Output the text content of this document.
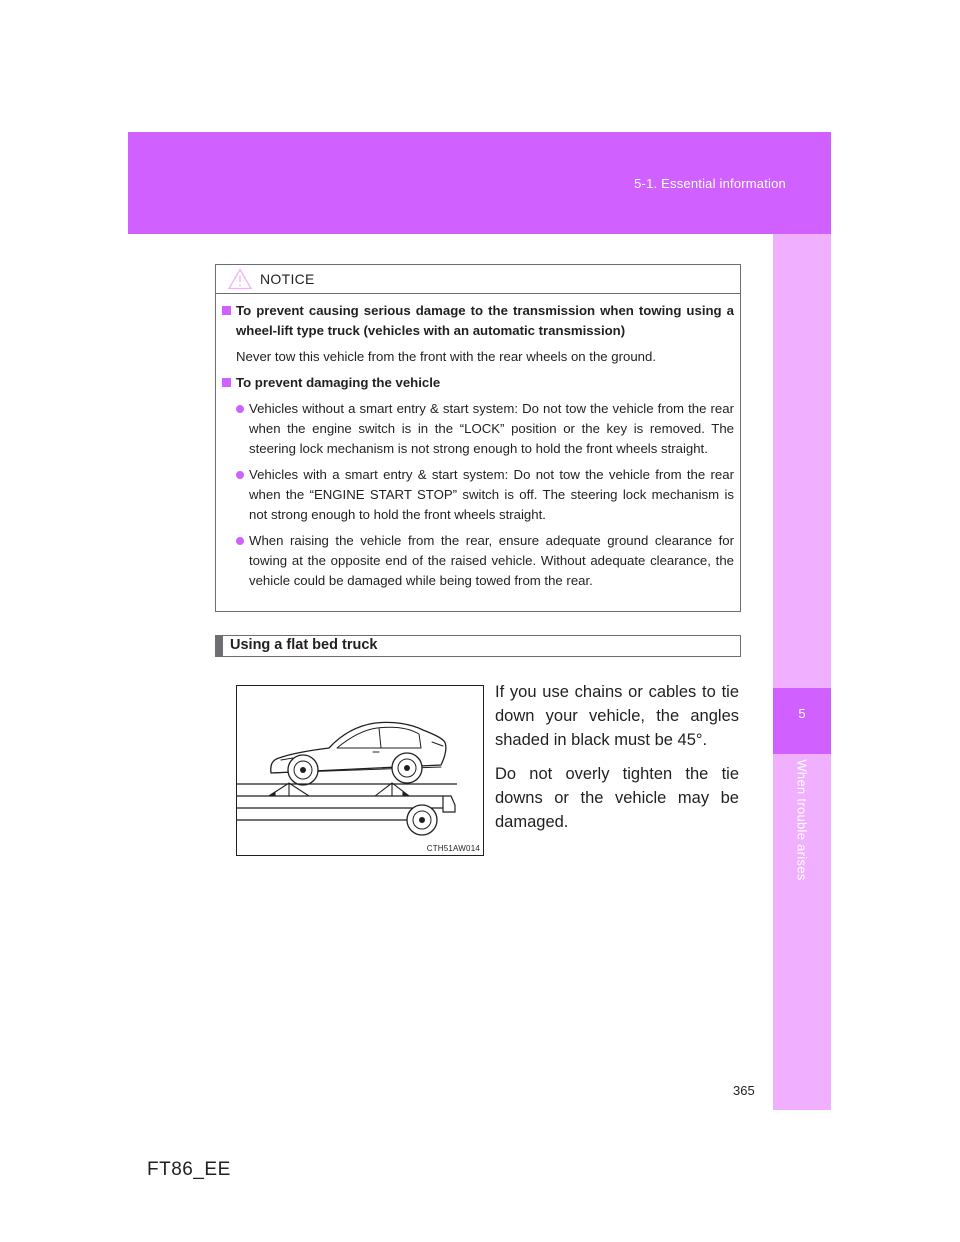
5-1. Essential information
5
When trouble arises
NOTICE
To prevent causing serious damage to the transmission when towing using a wheel-lift type truck (vehicles with an automatic transmission)
Never tow this vehicle from the front with the rear wheels on the ground.
To prevent damaging the vehicle
Vehicles without a smart entry & start system: Do not tow the vehicle from the rear when the engine switch is in the “LOCK” position or the key is removed. The steering lock mechanism is not strong enough to hold the front wheels straight.
Vehicles with a smart entry & start system: Do not tow the vehicle from the rear when the “ENGINE START STOP” switch is off. The steering lock mechanism is not strong enough to hold the front wheels straight.
When raising the vehicle from the rear, ensure adequate ground clearance for towing at the opposite end of the raised vehicle. Without adequate clearance, the vehicle could be damaged while being towed from the rear.
Using a flat bed truck
CTH51AW014

If you use chains or cables to tie down your vehicle, the angles shaded in black must be 45°.

Do not overly tighten the tie downs or the vehicle may be damaged.

365
FT86_EE
